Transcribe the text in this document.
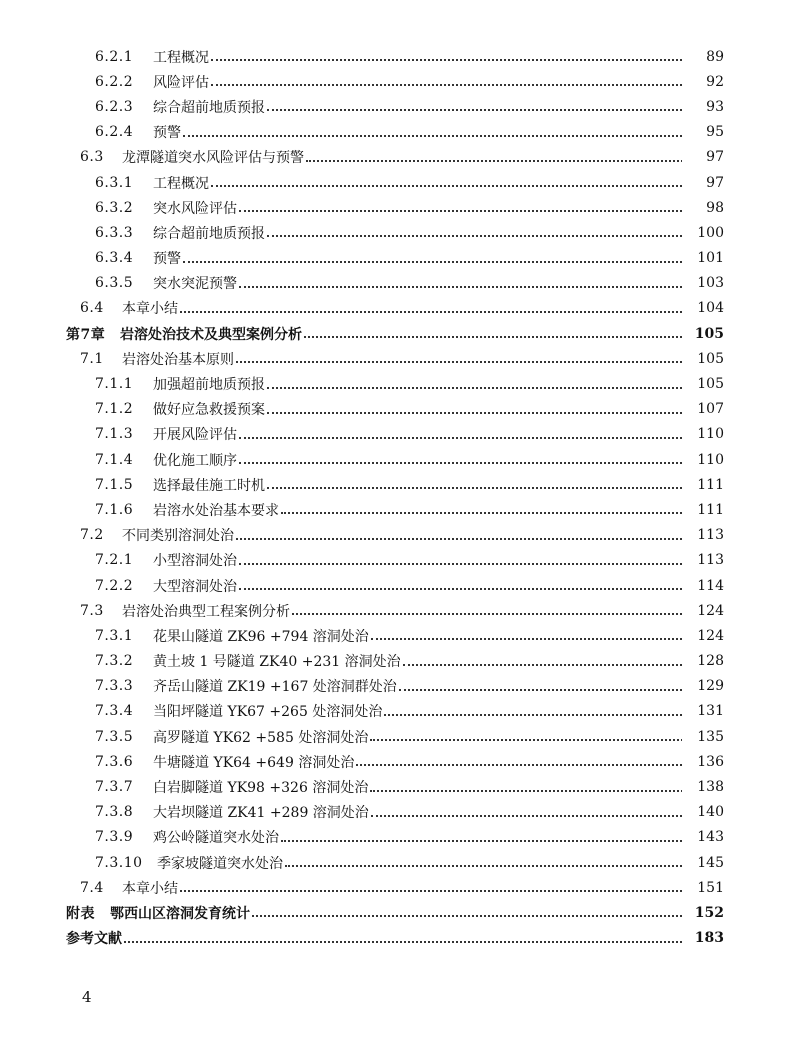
6.2.1	工程概况	89
6.2.2	风险评估	92
6.2.3	综合超前地质预报	93
6.2.4	预警	95
6.3	龙潭隧道突水风险评估与预警	97
6.3.1	工程概况	97
6.3.2	突水风险评估	98
6.3.3	综合超前地质预报	100
6.3.4	预警	101
6.3.5	突水突泥预警	103
6.4	本章小结	104
第7章	岩溶处治技术及典型案例分析	105
7.1	岩溶处治基本原则	105
7.1.1	加强超前地质预报	105
7.1.2	做好应急救援预案	107
7.1.3	开展风险评估	110
7.1.4	优化施工顺序	110
7.1.5	选择最佳施工时机	111
7.1.6	岩溶水处治基本要求	111
7.2	不同类别溶洞处治	113
7.2.1	小型溶洞处治	113
7.2.2	大型溶洞处治	114
7.3	岩溶处治典型工程案例分析	124
7.3.1	花果山隧道 ZK96 +794 溶洞处治	124
7.3.2	黄土坡 1 号隧道 ZK40 +231 溶洞处治	128
7.3.3	齐岳山隧道 ZK19 +167 处溶洞群处治	129
7.3.4	当阳坪隧道 YK67 +265 处溶洞处治	131
7.3.5	高罗隧道 YK62 +585 处溶洞处治	135
7.3.6	牛塘隧道 YK64 +649 溶洞处治	136
7.3.7	白岩脚隧道 YK98 +326 溶洞处治	138
7.3.8	大岩坝隧道 ZK41 +289 溶洞处治	140
7.3.9	鸡公岭隧道突水处治	143
7.3.10	季家坡隧道突水处治	145
7.4	本章小结	151
附表	鄂西山区溶洞发育统计	152
参考文献	183
4
